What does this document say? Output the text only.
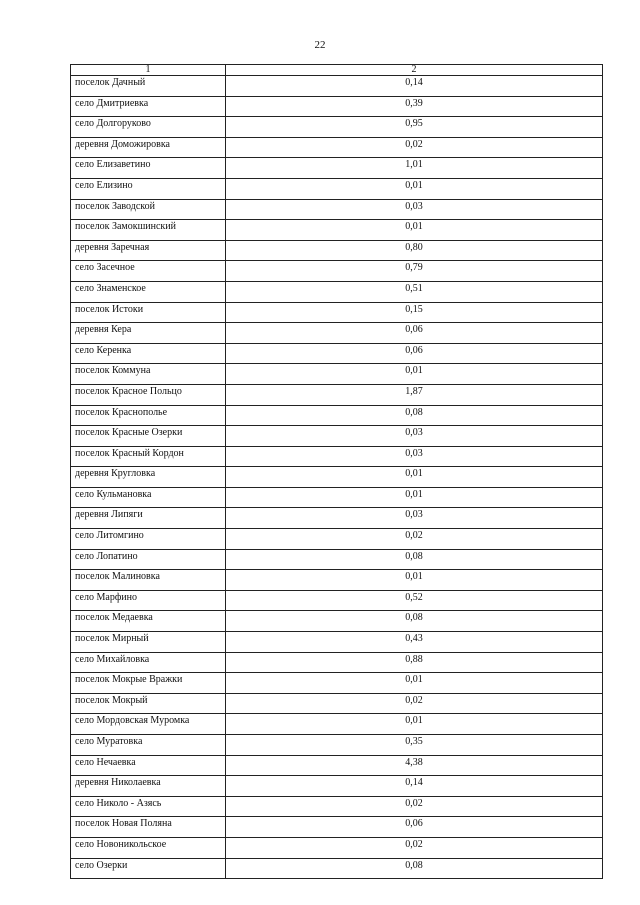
22
1	2
поселок Дачный	0,14
село Дмитриевка	0,39
село Долгоруково	0,95
деревня Доможировка	0,02
село Елизаветино	1,01
село Елизино	0,01
поселок Заводской	0,03
поселок Замокшинский	0,01
деревня Заречная	0,80
село Засечное	0,79
село Знаменское	0,51
поселок Истоки	0,15
деревня Кера	0,06
село Керенка	0,06
поселок Коммуна	0,01
поселок Красное Польцо	1,87
поселок Краснополье	0,08
поселок Красные Озерки	0,03
поселок Красный Кордон	0,03
деревня Кругловка	0,01
село Кульмановка	0,01
деревня Липяги	0,03
село Литомгино	0,02
село Лопатино	0,08
поселок Малиновка	0,01
село Марфино	0,52
поселок Медаевка	0,08
поселок Мирный	0,43
село Михайловка	0,88
поселок Мокрые Вражки	0,01
поселок Мокрый	0,02
село Мордовская Муромка	0,01
село Муратовка	0,35
село Нечаевка	4,38
деревня Николаевка	0,14
село Николо - Азясь	0,02
поселок Новая Поляна	0,06
село Новоникольское	0,02
село Озерки	0,08
